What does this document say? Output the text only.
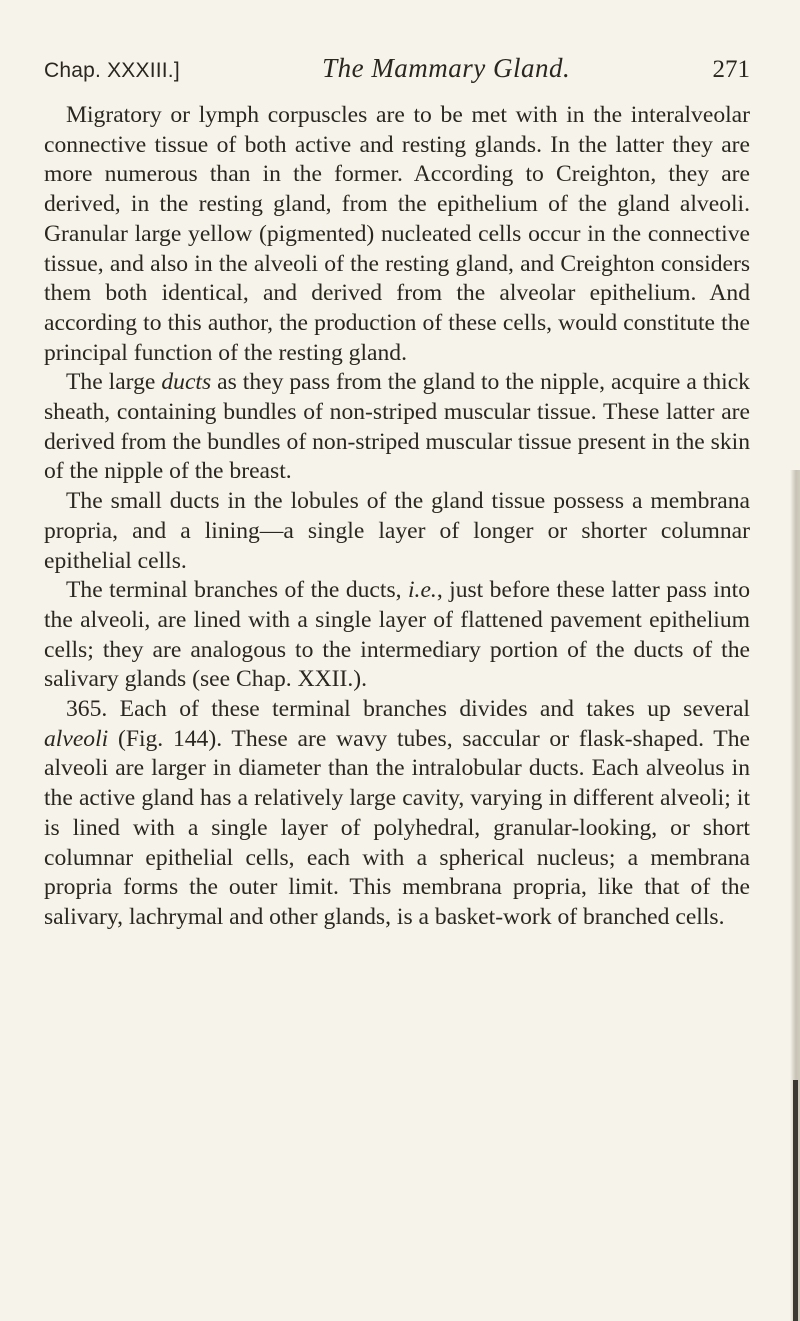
Chap. XXXIII.]	The Mammary Gland.	271

Migratory or lymph corpuscles are to be met with in the interalveolar connective tissue of both active and resting glands. In the latter they are more numerous than in the former. According to Creighton, they are derived, in the resting gland, from the epithelium of the gland alveoli. Granular large yellow (pigmented) nucleated cells occur in the connective tissue, and also in the alveoli of the resting gland, and Creighton considers them both identical, and derived from the alveolar epithelium. And according to this author, the production of these cells, would constitute the principal function of the resting gland.

The large ducts as they pass from the gland to the nipple, acquire a thick sheath, containing bundles of non-striped muscular tissue. These latter are derived from the bundles of non-striped muscular tissue present in the skin of the nipple of the breast.

The small ducts in the lobules of the gland tissue possess a membrana propria, and a lining—a single layer of longer or shorter columnar epithelial cells.

The terminal branches of the ducts, i.e., just before these latter pass into the alveoli, are lined with a single layer of flattened pavement epithelium cells; they are analogous to the intermediary portion of the ducts of the salivary glands (see Chap. XXII.).

365. Each of these terminal branches divides and takes up several alveoli (Fig. 144). These are wavy tubes, saccular or flask-shaped. The alveoli are larger in diameter than the intralobular ducts. Each alveolus in the active gland has a relatively large cavity, varying in different alveoli; it is lined with a single layer of polyhedral, granular-looking, or short columnar epithelial cells, each with a spherical nucleus; a membrana propria forms the outer limit. This membrana propria, like that of the salivary, lachrymal and other glands, is a basket-work of branched cells.
